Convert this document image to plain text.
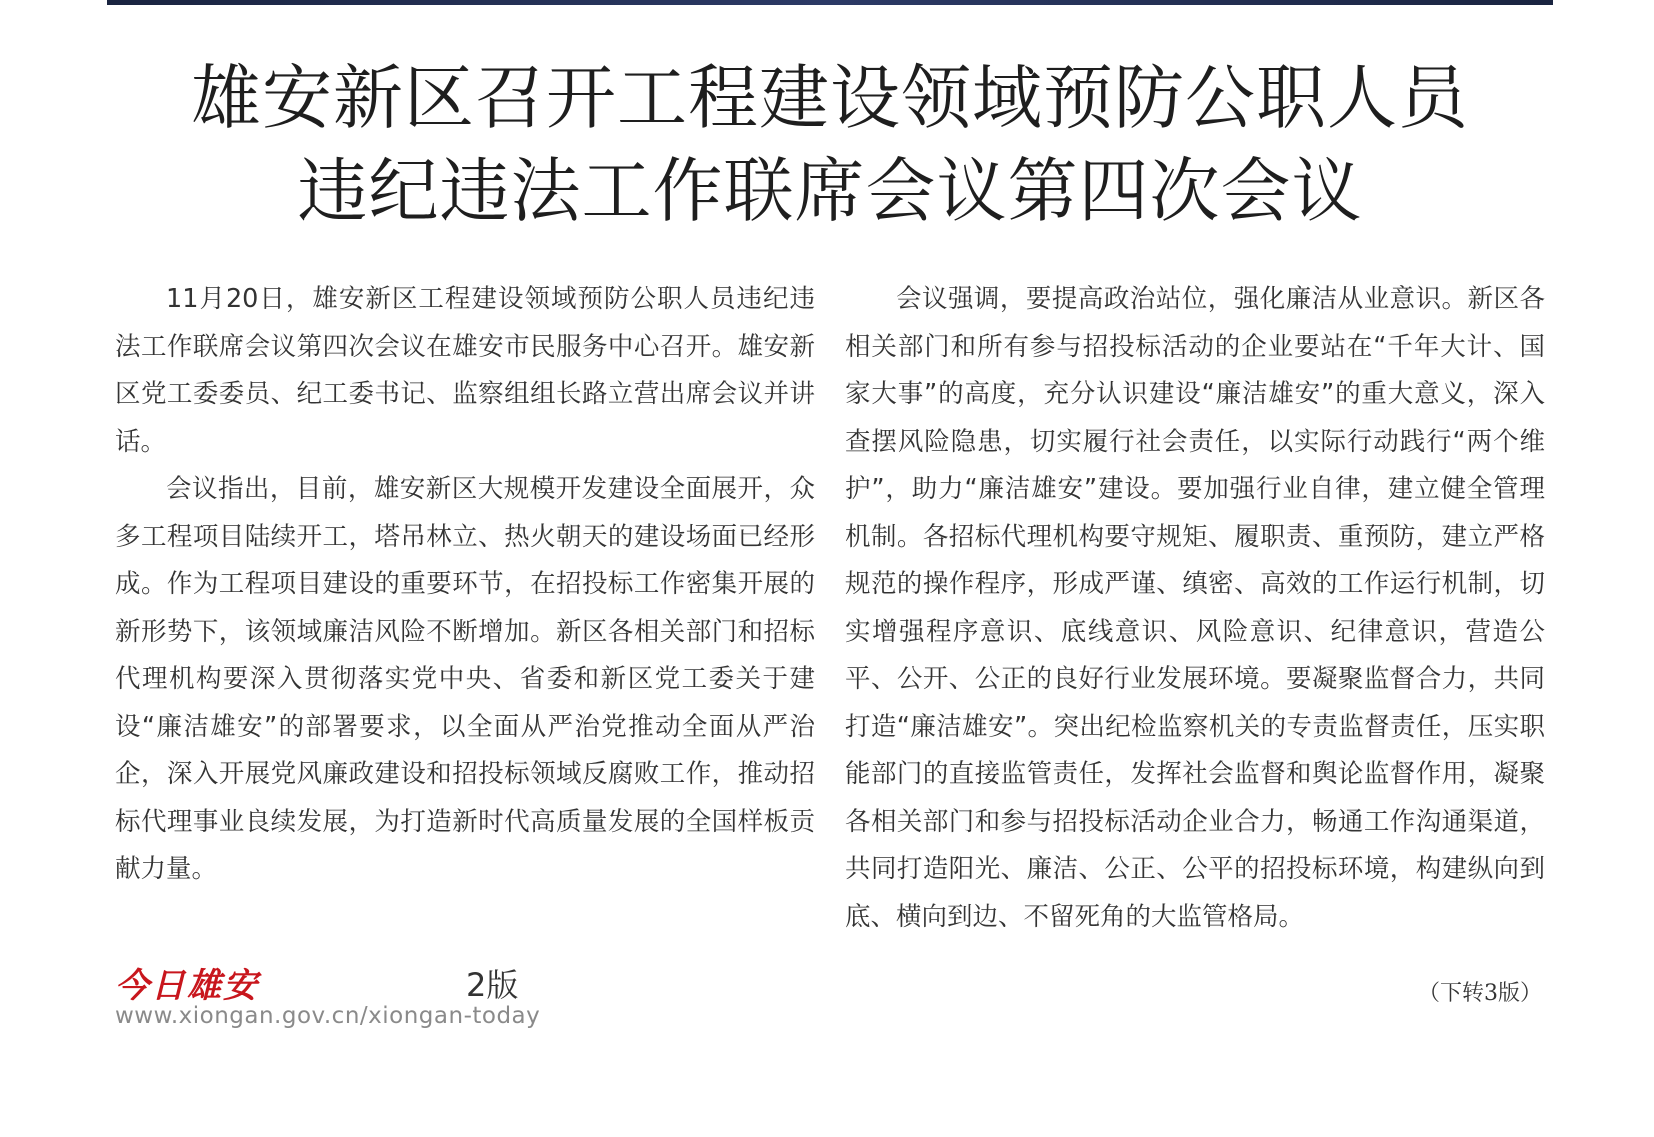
雄安新区召开工程建设领域预防公职人员
违纪违法工作联席会议第四次会议

11月20日，雄安新区工程建设领域预防公职人员违纪违法工作联席会议第四次会议在雄安市民服务中心召开。雄安新区党工委委员、纪工委书记、监察组组长路立营出席会议并讲话。

会议指出，目前，雄安新区大规模开发建设全面展开，众多工程项目陆续开工，塔吊林立、热火朝天的建设场面已经形成。作为工程项目建设的重要环节，在招投标工作密集开展的新形势下，该领域廉洁风险不断增加。新区各相关部门和招标代理机构要深入贯彻落实党中央、省委和新区党工委关于建设“廉洁雄安”的部署要求，以全面从严治党推动全面从严治企，深入开展党风廉政建设和招投标领域反腐败工作，推动招标代理事业良续发展，为打造新时代高质量发展的全国样板贡献力量。

会议强调，要提高政治站位，强化廉洁从业意识。新区各相关部门和所有参与招投标活动的企业要站在“千年大计、国家大事”的高度，充分认识建设“廉洁雄安”的重大意义，深入查摆风险隐患，切实履行社会责任，以实际行动践行“两个维护”，助力“廉洁雄安”建设。要加强行业自律，建立健全管理机制。各招标代理机构要守规矩、履职责、重预防，建立严格规范的操作程序，形成严谨、缜密、高效的工作运行机制，切实增强程序意识、底线意识、风险意识、纪律意识，营造公平、公开、公正的良好行业发展环境。要凝聚监督合力，共同打造“廉洁雄安”。突出纪检监察机关的专责监督责任，压实职能部门的直接监管责任，发挥社会监督和舆论监督作用，凝聚各相关部门和参与招投标活动企业合力，畅通工作沟通渠道，共同打造阳光、廉洁、公正、公平的招投标环境，构建纵向到底、横向到边、不留死角的大监管格局。

（下转3版）
今日雄安	2版
www.xiongan.gov.cn/xiongan-today
